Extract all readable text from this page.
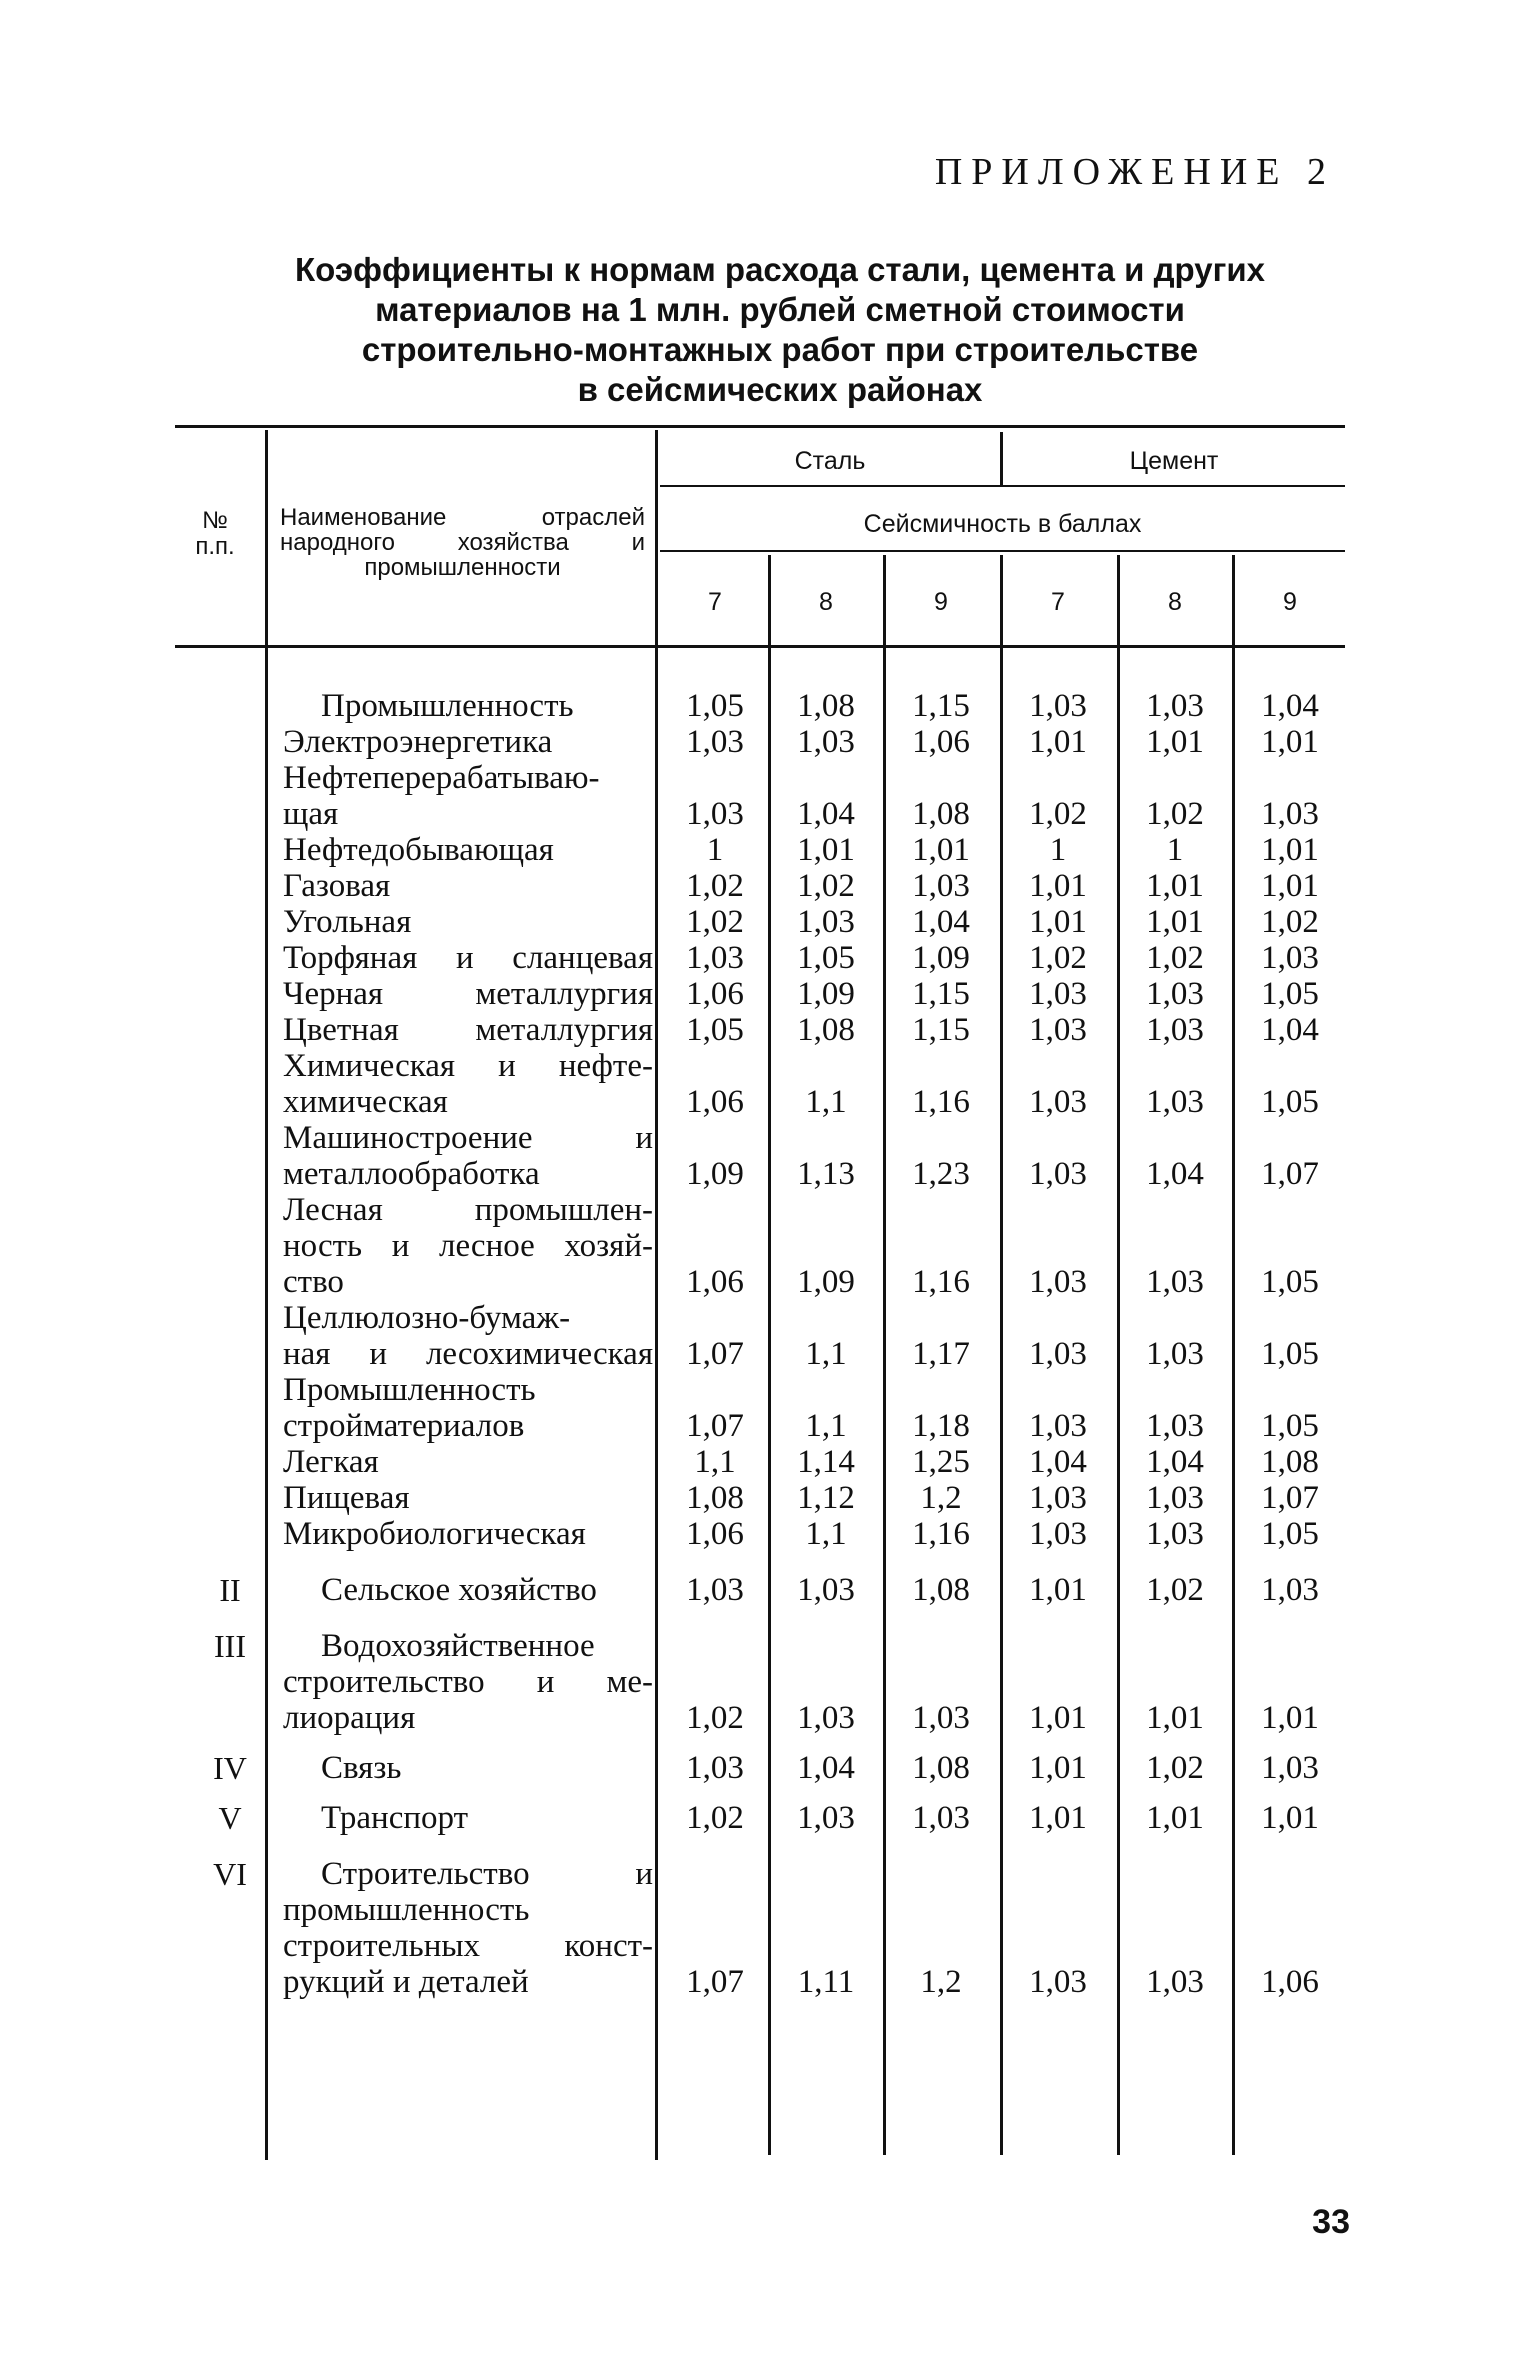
ПРИЛОЖЕНИЕ 2
Коэффициенты к нормам расхода стали, цемента и других
материалов на 1 млн. рублей сметной стоимости
строительно-монтажных работ при строительстве
в сейсмических районах
№
п.п.
Наименование отраслей
народного хозяйства и
промышленности
Сталь	Цемент
Сейсмичность в баллах
7	8	9	7	8	9
Промышленность	1,05	1,08	1,15	1,03	1,03	1,04
Электроэнергетика	1,03	1,03	1,06	1,01	1,01	1,01
Нефтеперерабатываю-
щая	1,03	1,04	1,08	1,02	1,02	1,03
Нефтедобывающая	1	1,01	1,01	1	1	1,01
Газовая	1,02	1,02	1,03	1,01	1,01	1,01
Угольная	1,02	1,03	1,04	1,01	1,01	1,02
Торфяная и сланцевая	1,03	1,05	1,09	1,02	1,02	1,03
Черная металлургия	1,06	1,09	1,15	1,03	1,03	1,05
Цветная металлургия	1,05	1,08	1,15	1,03	1,03	1,04
Химическая и нефте-
химическая	1,06	1,1	1,16	1,03	1,03	1,05
Машиностроение и
металлообработка	1,09	1,13	1,23	1,03	1,04	1,07
Лесная промышлен-
ность и лесное хозяй-
ство	1,06	1,09	1,16	1,03	1,03	1,05
Целлюлозно-бумаж-
ная и лесохимическая	1,07	1,1	1,17	1,03	1,03	1,05
Промышленность
стройматериалов	1,07	1,1	1,18	1,03	1,03	1,05
Легкая	1,1	1,14	1,25	1,04	1,04	1,08
Пищевая	1,08	1,12	1,2	1,03	1,03	1,07
Микробиологическая	1,06	1,1	1,16	1,03	1,03	1,05
II	Сельское хозяйство	1,03	1,03	1,08	1,01	1,02	1,03
III	Водохозяйственное
строительство и ме-
лиорация	1,02	1,03	1,03	1,01	1,01	1,01
IV	Связь	1,03	1,04	1,08	1,01	1,02	1,03
V	Транспорт	1,02	1,03	1,03	1,01	1,01	1,01
VI	Строительство и
промышленность
строительных конст-
рукций и деталей	1,07	1,11	1,2	1,03	1,03	1,06
33
